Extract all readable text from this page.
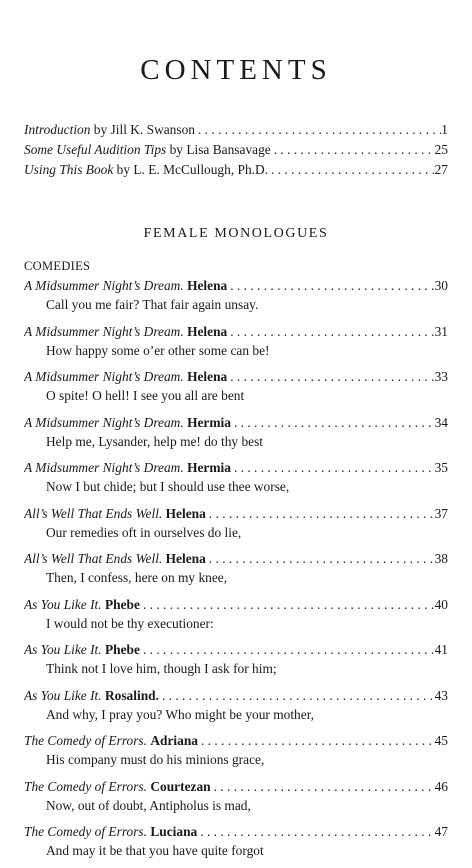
CONTENTS
Introduction by Jill K. Swanson . . .	1
Some Useful Audition Tips by Lisa Bansavage . . .	25
Using This Book by L. E. McCullough, Ph.D. . . .	27
FEMALE MONOLOGUES
COMEDIES
A Midsummer Night’s Dream. Helena . . .	30
Call you me fair? That fair again unsay.
A Midsummer Night’s Dream. Helena . . .	31
How happy some o’er other some can be!
A Midsummer Night’s Dream. Helena . . .	33
O spite! O hell! I see you all are bent
A Midsummer Night’s Dream. Hermia . . .	34
Help me, Lysander, help me! do thy best
A Midsummer Night’s Dream. Hermia . . .	35
Now I but chide; but I should use thee worse,
All’s Well That Ends Well. Helena . . .	37
Our remedies oft in ourselves do lie,
All’s Well That Ends Well. Helena . . .	38
Then, I confess, here on my knee,
As You Like It. Phebe . . .	40
I would not be thy executioner:
As You Like It. Phebe . . .	41
Think not I love him, though I ask for him;
As You Like It. Rosalind. . . .	43
And why, I pray you? Who might be your mother,
The Comedy of Errors. Adriana . . .	45
His company must do his minions grace,
The Comedy of Errors. Courtezan . . .	46
Now, out of doubt, Antipholus is mad,
The Comedy of Errors. Luciana . . .	47
And may it be that you have quite forgot
